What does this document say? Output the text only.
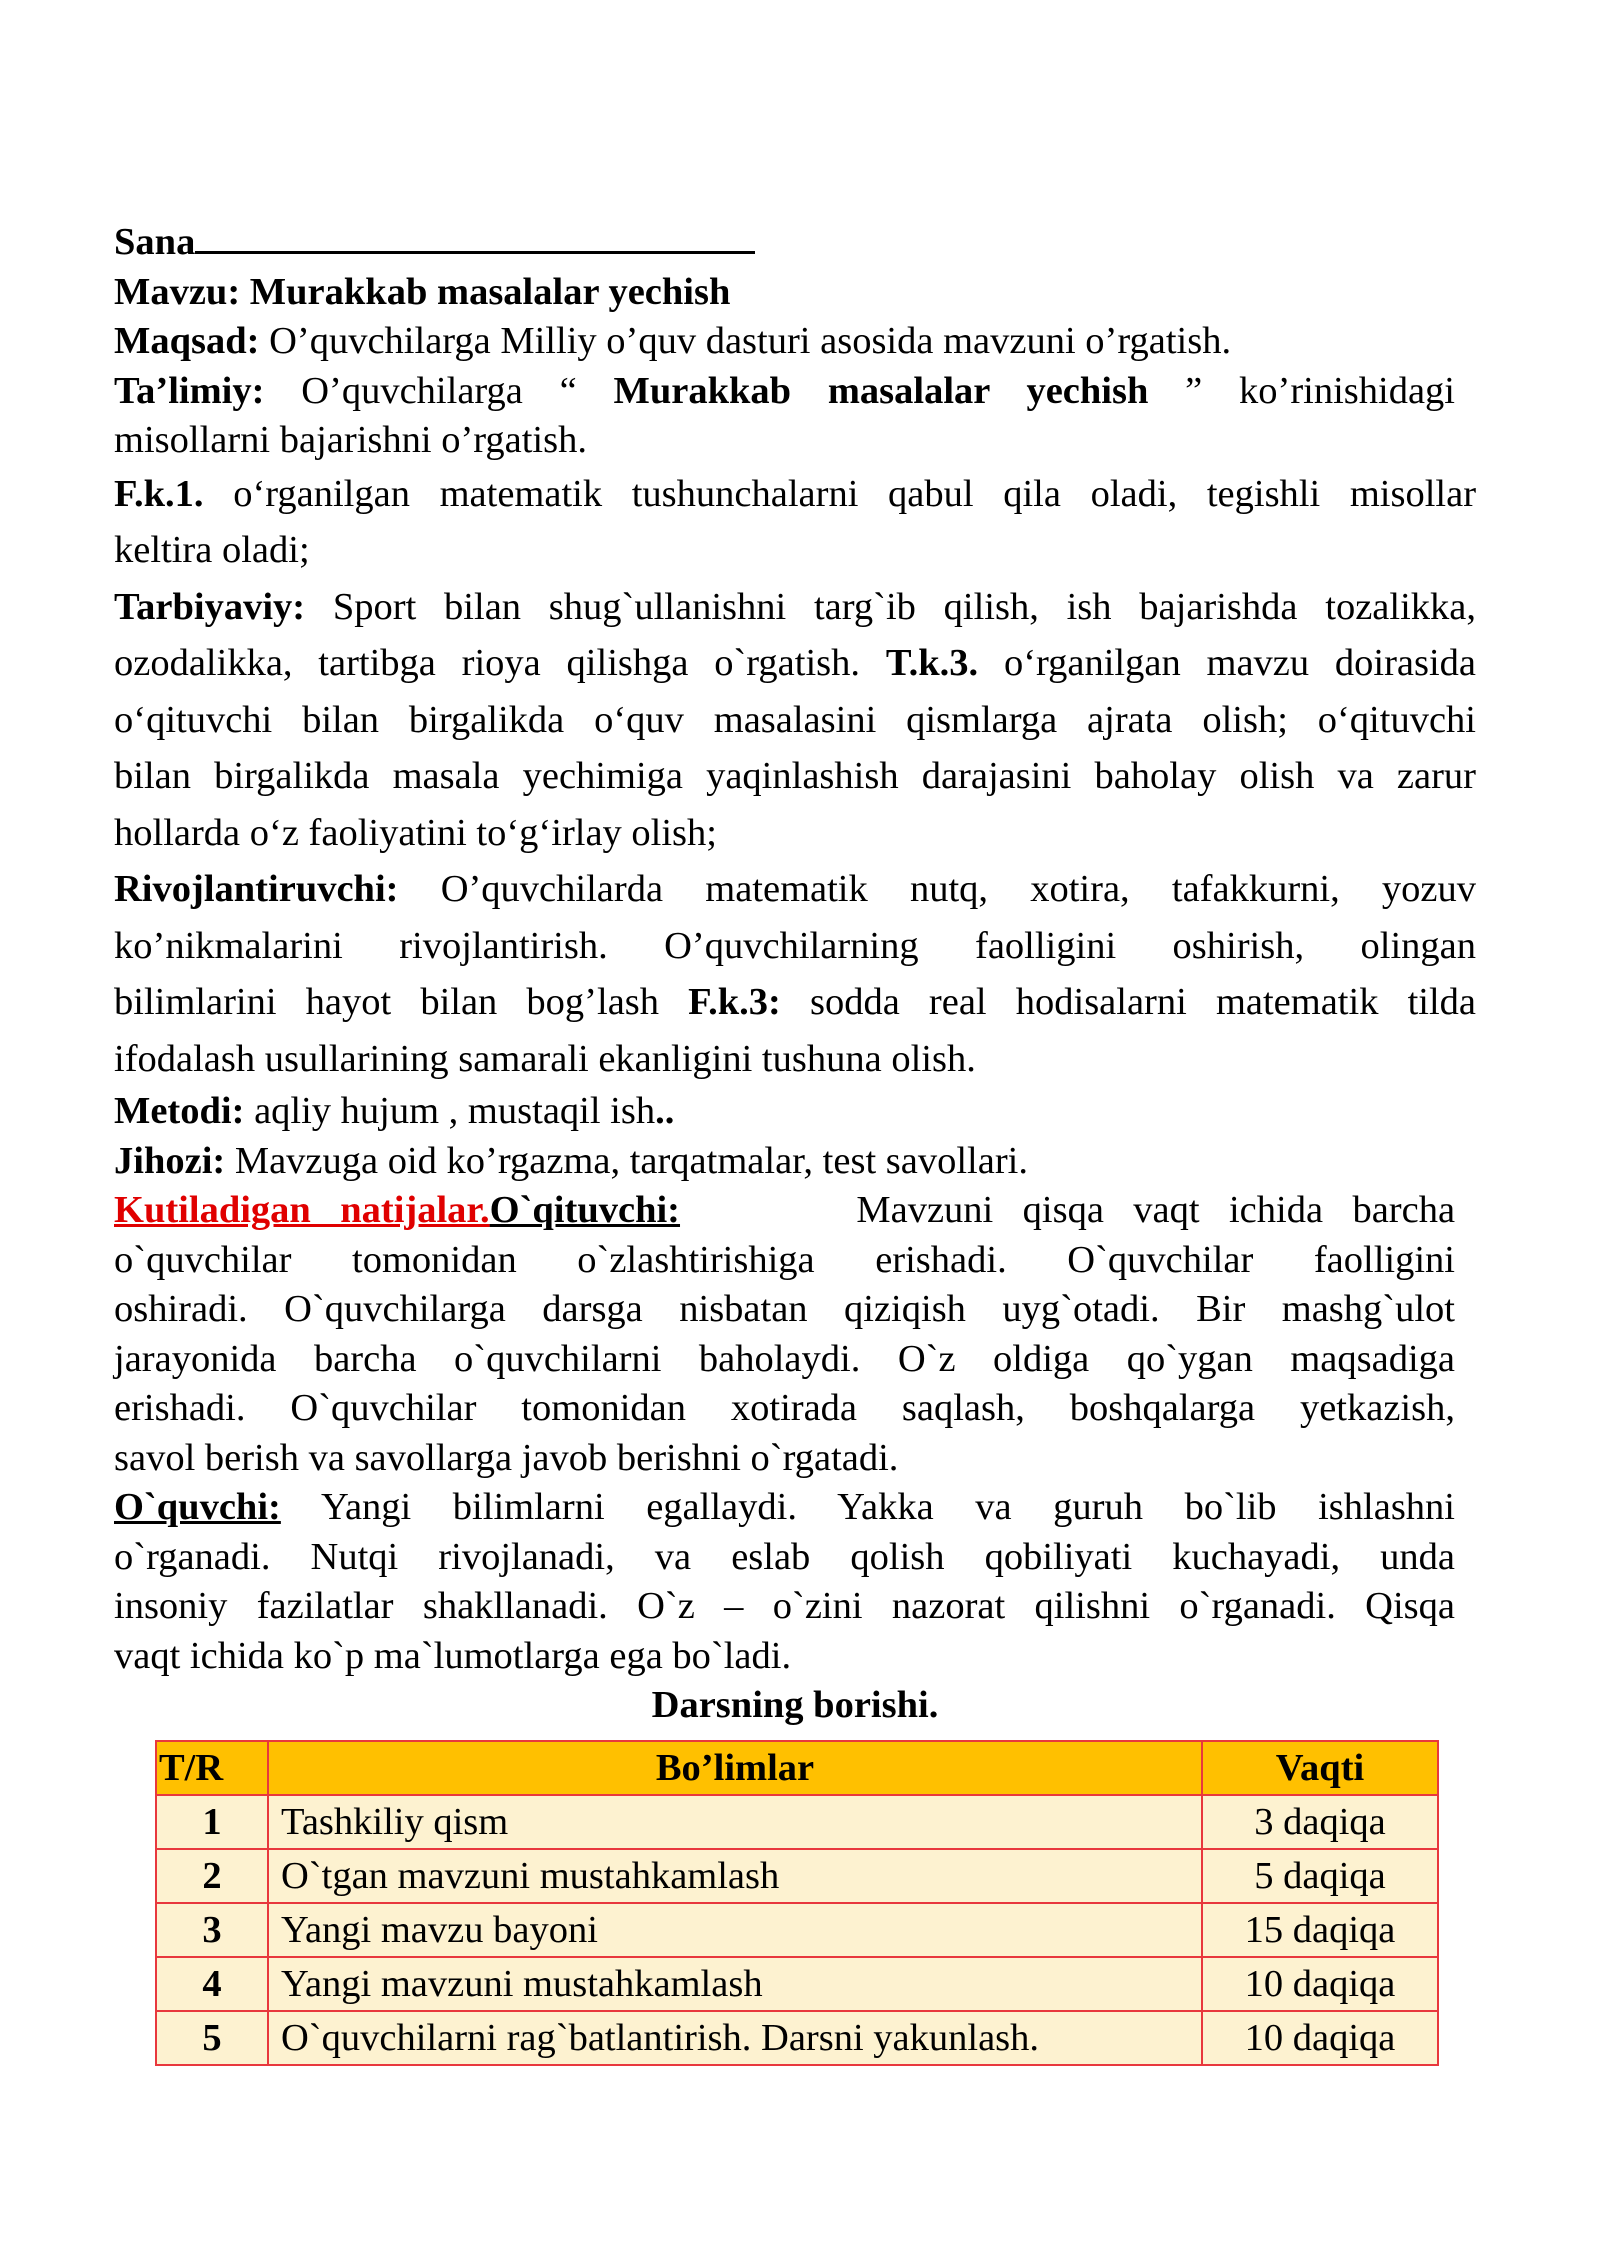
Sana

Mavzu: Murakkab masalalar yechish

Maqsad: O’quvchilarga Milliy o’quv dasturi asosida mavzuni o’rgatish.

Ta’limiy: O’quvchilarga “ Murakkab masalalar yechish ” ko’rinishidagi

misollarni bajarishni o’rgatish.

F.k.1. o‘rganilgan matematik tushunchalarni qabul qila oladi, tegishli misollar

keltira oladi;

Tarbiyaviy: Sport bilan shug`ullanishni targ`ib qilish, ish bajarishda tozalikka,

ozodalikka, tartibga rioya qilishga o`rgatish. T.k.3. o‘rganilgan mavzu doirasida

o‘qituvchi bilan birgalikda o‘quv masalasini qismlarga ajrata olish; o‘qituvchi

bilan birgalikda masala yechimiga yaqinlashish darajasini baholay olish va zarur

hollarda o‘z faoliyatini to‘g‘irlay olish;

Rivojlantiruvchi: O’quvchilarda matematik nutq, xotira, tafakkurni, yozuv

ko’nikmalarini rivojlantirish. O’quvchilarning faolligini oshirish, olingan

bilimlarini hayot bilan bog’lash F.k.3: sodda real hodisalarni matematik tilda

ifodalash usullarining samarali ekanligini tushuna olish.

Metodi: aqliy hujum , mustaqil ish..

Jihozi: Mavzuga oid ko’rgazma, tarqatmalar, test savollari.

Kutiladigan natijalar.O`qituvchi:	Mavzuni qisqa vaqt ichida barcha

o`quvchilar tomonidan o`zlashtirishiga erishadi. O`quvchilar faolligini

oshiradi. O`quvchilarga darsga nisbatan qiziqish uyg`otadi. Bir mashg`ulot

jarayonida barcha o`quvchilarni baholaydi. O`z oldiga qo`ygan maqsadiga

erishadi. O`quvchilar tomonidan xotirada saqlash, boshqalarga yetkazish,

savol berish va savollarga javob berishni o`rgatadi.

O`quvchi: Yangi bilimlarni egallaydi. Yakka va guruh bo`lib ishlashni

o`rganadi. Nutqi rivojlanadi, va eslab qolish qobiliyati kuchayadi, unda

insoniy fazilatlar shakllanadi. O`z – o`zini nazorat qilishni o`rganadi. Qisqa

vaqt ichida ko`p ma`lumotlarga ega bo`ladi.

Darsning borishi.

T/R	Bo’limlar	Vaqti
1	Tashkiliy qism	3 daqiqa
2	O`tgan mavzuni mustahkamlash	5 daqiqa
3	Yangi mavzu bayoni	15 daqiqa
4	Yangi mavzuni mustahkamlash	10 daqiqa
5	O`quvchilarni rag`batlantirish. Darsni yakunlash.	10 daqiqa
